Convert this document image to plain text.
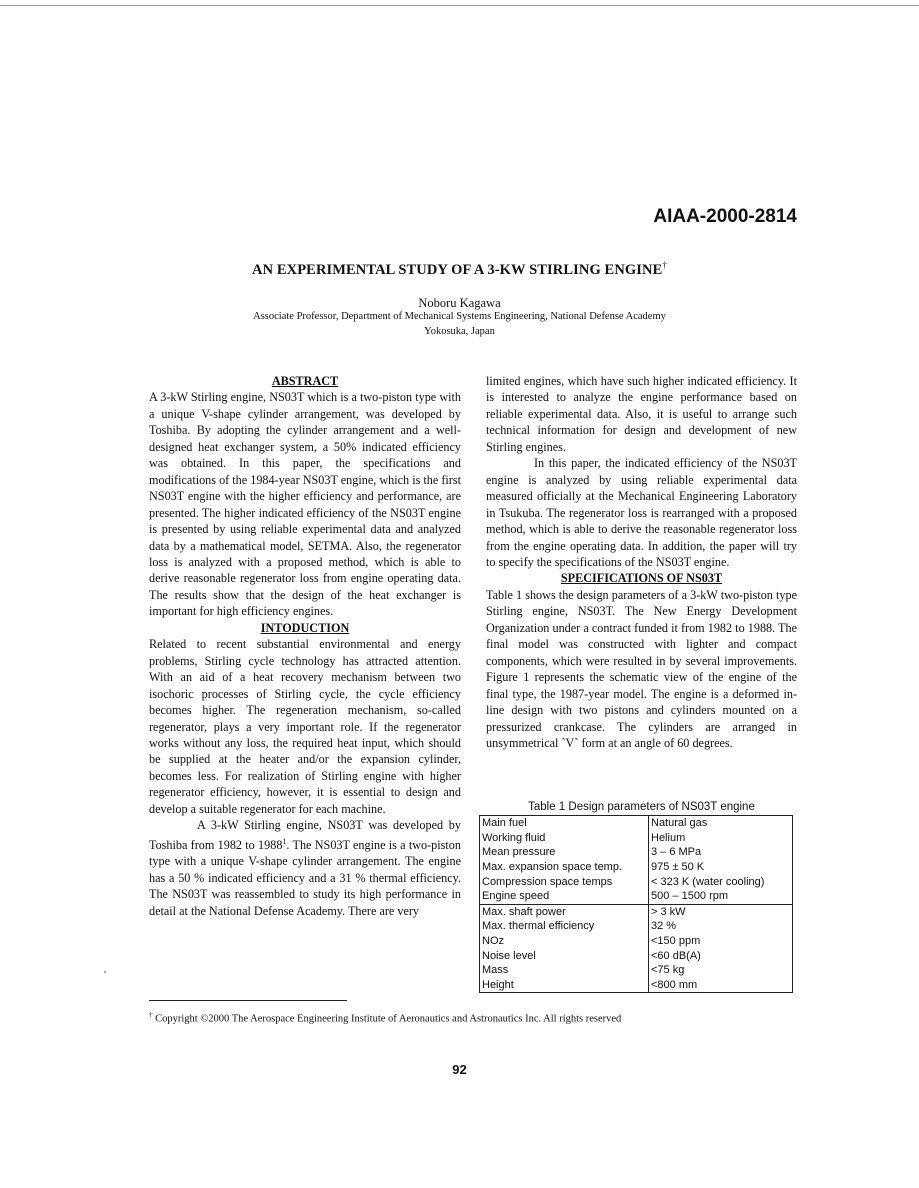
AIAA-2000-2814
AN EXPERIMENTAL STUDY OF A 3-KW STIRLING ENGINE†
Noboru Kagawa
Associate Professor, Department of Mechanical Systems Engineering, National Defense Academy
Yokosuka, Japan

ABSTRACT

A 3-kW Stirling engine, NS03T which is a two-piston type with a unique V-shape cylinder arrangement, was developed by Toshiba. By adopting the cylinder arrangement and a well-designed heat exchanger system, a 50% indicated efficiency was obtained. In this paper, the specifications and modifications of the 1984-year NS03T engine, which is the first NS03T engine with the higher efficiency and performance, are presented. The higher indicated efficiency of the NS03T engine is presented by using reliable experimental data and analyzed data by a mathematical model, SETMA. Also, the regenerator loss is analyzed with a proposed method, which is able to derive reasonable regenerator loss from engine operating data. The results show that the design of the heat exchanger is important for high efficiency engines.

INTODUCTION

Related to recent substantial environmental and energy problems, Stirling cycle technology has attracted attention. With an aid of a heat recovery mechanism between two isochoric processes of Stirling cycle, the cycle efficiency becomes higher. The regeneration mechanism, so-called regenerator, plays a very important role. If the regenerator works without any loss, the required heat input, which should be supplied at the heater and/or the expansion cylinder, becomes less. For realization of Stirling engine with higher regenerator efficiency, however, it is essential to design and develop a suitable regenerator for each machine.

A 3-kW Stirling engine, NS03T was developed by Toshiba from 1982 to 1988$^1$. The NS03T engine is a two-piston type with a unique V-shape cylinder arrangement. The engine has a 50 % indicated efficiency and a 31 % thermal efficiency. The NS03T was reassembled to study its high performance in detail at the National Defense Academy. There are very

limited engines, which have such higher indicated efficiency. It is interested to analyze the engine performance based on reliable experimental data. Also, it is useful to arrange such technical information for design and development of new Stirling engines.

In this paper, the indicated efficiency of the NS03T engine is analyzed by using reliable experimental data measured officially at the Mechanical Engineering Laboratory in Tsukuba. The regenerator loss is rearranged with a proposed method, which is able to derive the reasonable regenerator loss from the engine operating data. In addition, the paper will try to specify the specifications of the NS03T engine.

SPECIFICATIONS OF NS03T

Table 1 shows the design parameters of a 3-kW two-piston type Stirling engine, NS03T. The New Energy Development Organization under a contract funded it from 1982 to 1988. The final model was constructed with lighter and compact components, which were resulted in by several improvements. Figure 1 represents the schematic view of the engine of the final type, the 1987-year model. The engine is a deformed in-line design with two pistons and cylinders mounted on a pressurized crankcase. The cylinders are arranged in unsymmetrical `V` form at an angle of 60 degrees.

Table 1 Design parameters of NS03T engine
Main fuel	Natural gas
Working fluid	Helium
Mean pressure	3 – 6 MPa
Max. expansion space temp.	975 ± 50 K
Compression space temps	< 323 K (water cooling)
Engine speed	500 – 1500 rpm
Max. shaft power	> 3 kW
Max. thermal efficiency	32 %
NOz	<150 ppm
Noise level	<60 dB(A)
Mass	<75 kg
Height	<800 mm
† Copyright ©2000 The Aerospace Engineering Institute of Aeronautics and Astronautics Inc. All rights reserved
92
